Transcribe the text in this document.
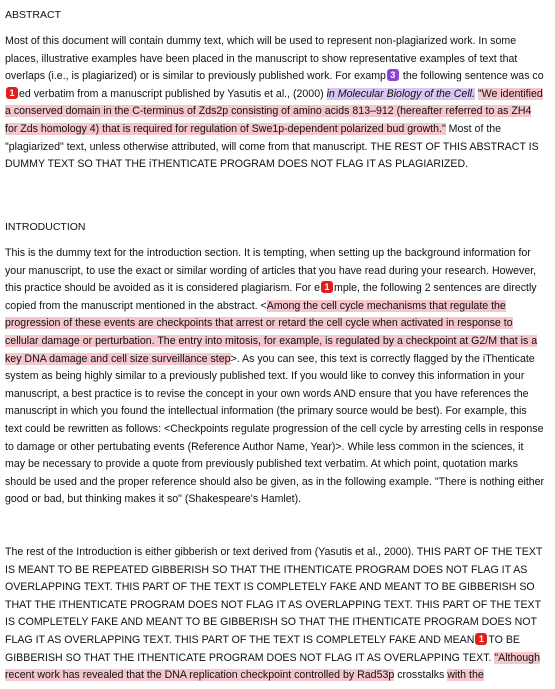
ABSTRACT
Most of this document will contain dummy text, which will be used to represent non-plagiarized work. In some places, illustrative examples have been placed in the manuscript to show representative examples of text that overlaps (i.e., is plagiarized) or is similar to previously published work. For examp 3 the following sentence was co1 ed verbatim from a manuscript published by Yasutis et al., (2000) in Molecular Biology of the Cell. "We identified a conserved domain in the C-terminus of Zds2p consisting of amino acids 813–912 (hereafter referred to as ZH4 for Zds homology 4) that is required for regulation of Swe1p-dependent polarized bud growth." Most of the "plagiarized" text, unless otherwise attributed, will come from that manuscript. THE REST OF THIS ABSTRACT IS DUMMY TEXT SO THAT THE iTHENTICATE PROGRAM DOES NOT FLAG IT AS PLAGIARIZED.
INTRODUCTION
This is the dummy text for the introduction section. It is tempting, when setting up the background information for your manuscript, to use the exact or similar wording of articles that you have read during your research. However, this practice should be avoided as it is considered plagiarism. For e 1 mple, the following 2 sentences are directly copied from the manuscript mentioned in the abstract. <Among the cell cycle mechanisms that regulate the progression of these events are checkpoints that arrest or retard the cell cycle when activated in response to cellular damage or perturbation. The entry into mitosis, for example, is regulated by a checkpoint at G2/M that is a key DNA damage and cell size surveillance step>. As you can see, this text is correctly flagged by the iThenticate system as being highly similar to a previously published text. If you would like to convey this information in your manuscript, a best practice is to revise the concept in your own words AND ensure that you have references the manuscript in which you found the intellectual information (the primary source would be best). For example, this text could be rewritten as follows: <Checkpoints regulate progression of the cell cycle by arresting cells in response to damage or other pertubating events (Reference Author Name, Year)>. While less common in the sciences, it may be necessary to provide a quote from previously published text verbatim. At which point, quotation marks should be used and the proper reference should also be given, as in the following example. "There is nothing either good or bad, but thinking makes it so" (Shakespeare's Hamlet).
The rest of the Introduction is either gibberish or text derived from (Yasutis et al., 2000). THIS PART OF THE TEXT IS MEANT TO BE REPEATED GIBBERISH SO THAT THE ITHENTICATE PROGRAM DOES NOT FLAG IT AS OVERLAPPING TEXT. THIS PART OF THE TEXT IS COMPLETELY FAKE AND MEANT TO BE GIBBERISH SO THAT THE ITHENTICATE PROGRAM DOES NOT FLAG IT AS OVERLAPPING TEXT. THIS PART OF THE TEXT IS COMPLETELY FAKE AND MEANT TO BE GIBBERISH SO THAT THE ITHENTICATE PROGRAM DOES NOT FLAG IT AS OVERLAPPING TEXT. THIS PART OF THE TEXT IS COMPLETELY FAKE AND MEAN 1 TO BE GIBBERISH SO THAT THE ITHENTICATE PROGRAM DOES NOT FLAG IT AS OVERLAPPING TEXT. "Although recent work has revealed that the DNA replication checkpoint controlled by Rad53p crosstalks with the
